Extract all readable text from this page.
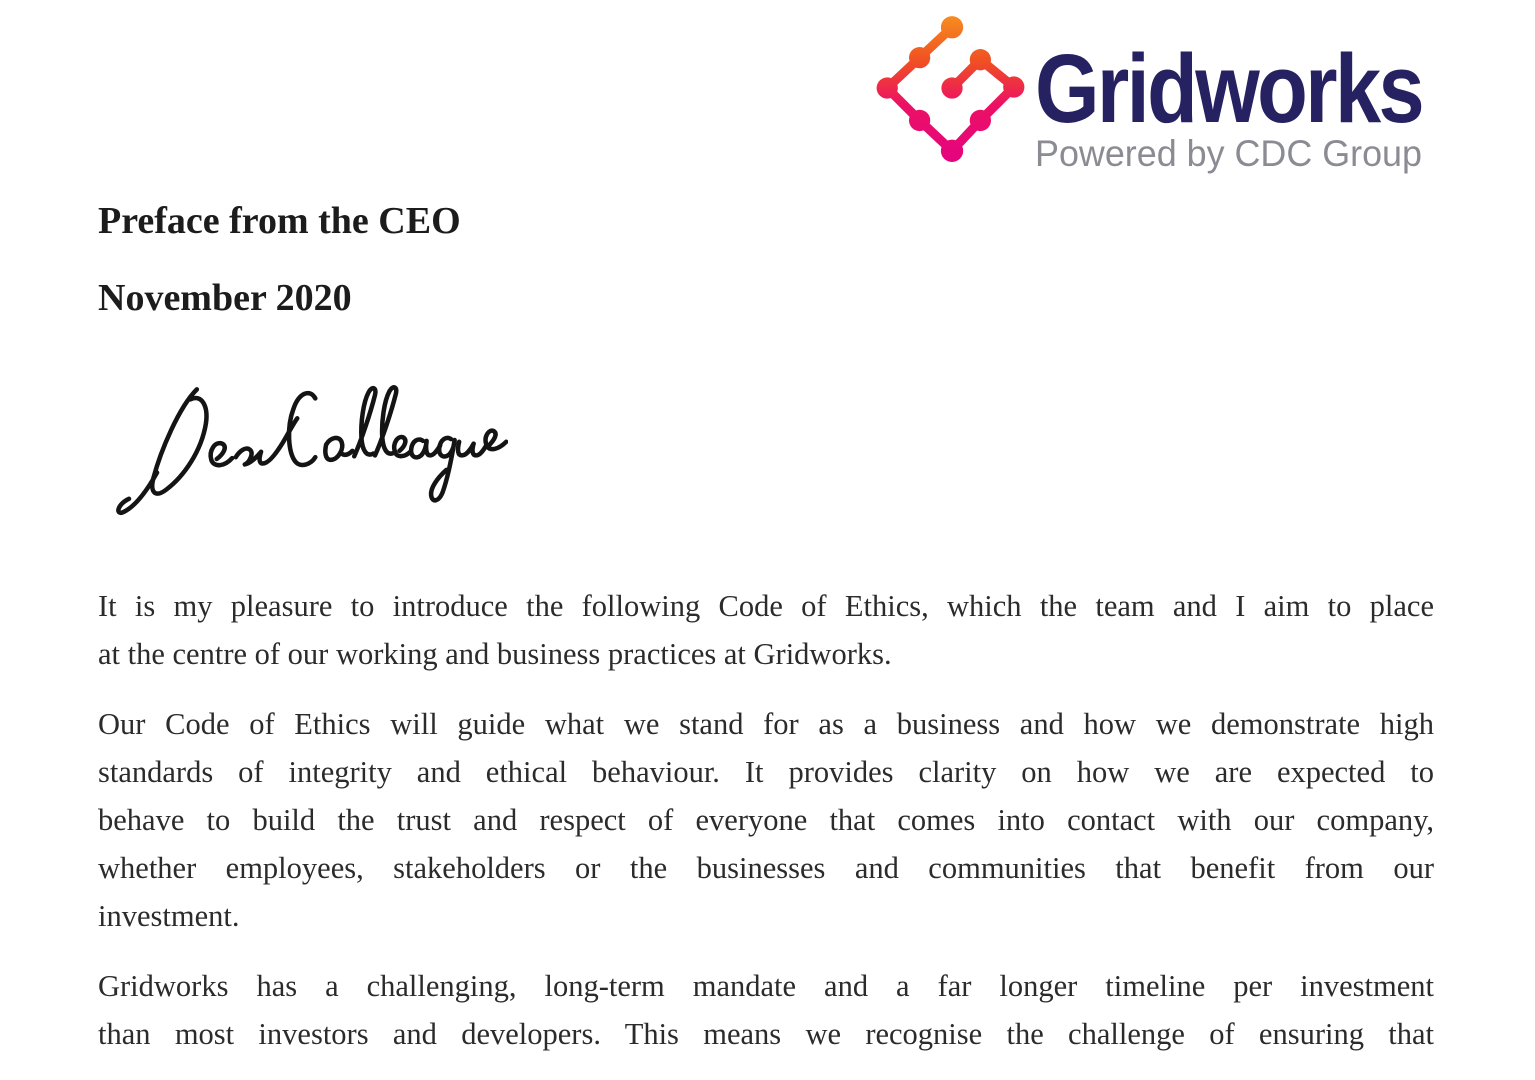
Gridworks
Powered by CDC Group
Preface from the CEO
November 2020
It is my pleasure to introduce the following Code of Ethics, which the team and I aim to place
at the centre of our working and business practices at Gridworks.
Our Code of Ethics will guide what we stand for as a business and how we demonstrate high
standards of integrity and ethical behaviour. It provides clarity on how we are expected to
behave to build the trust and respect of everyone that comes into contact with our company,
whether employees, stakeholders or the businesses and communities that benefit from our
investment.
Gridworks has a challenging, long-term mandate and a far longer timeline per investment
than most investors and developers. This means we recognise the challenge of ensuring that
